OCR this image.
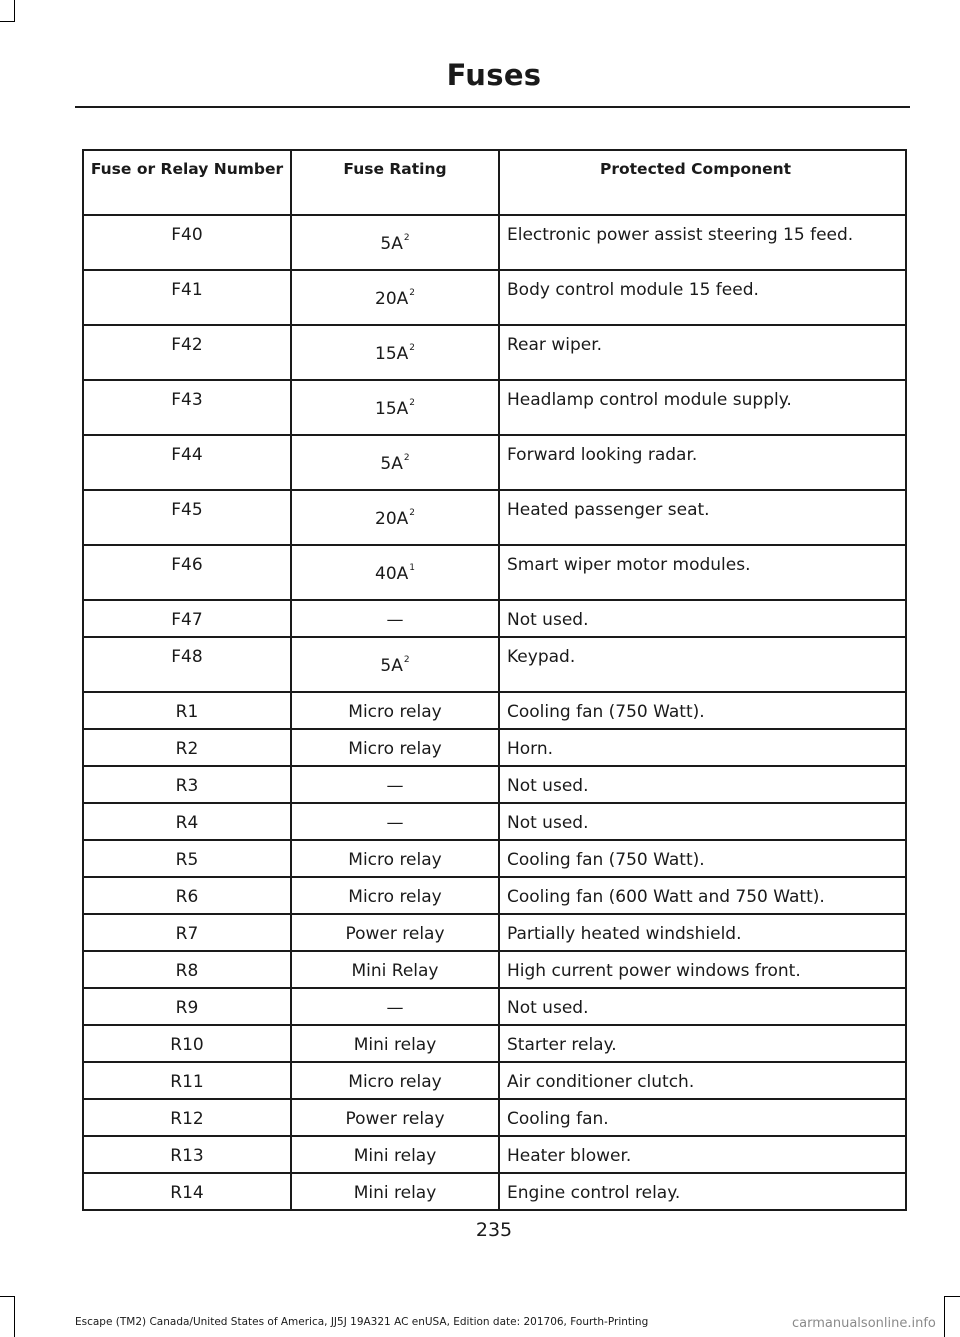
Fuses
Fuse or Relay Number	Fuse Rating	Protected Component
F40	$5A^2$	Electronic power assist steering 15 feed.
F41	$20A^2$	Body control module 15 feed.
F42	$15A^2$	Rear wiper.
F43	$15A^2$	Headlamp control module supply.
F44	$5A^2$	Forward looking radar.
F45	$20A^2$	Heated passenger seat.
F46	$40A^1$	Smart wiper motor modules.
F47	—	Not used.
F48	$5A^2$	Keypad.
R1	Micro relay	Cooling fan (750 Watt).
R2	Micro relay	Horn.
R3	—	Not used.
R4	—	Not used.
R5	Micro relay	Cooling fan (750 Watt).
R6	Micro relay	Cooling fan (600 Watt and 750 Watt).
R7	Power relay	Partially heated windshield.
R8	Mini Relay	High current power windows front.
R9	—	Not used.
R10	Mini relay	Starter relay.
R11	Micro relay	Air conditioner clutch.
R12	Power relay	Cooling fan.
R13	Mini relay	Heater blower.
R14	Mini relay	Engine control relay.
235
Escape (TM2) Canada/United States of America, JJ5J 19A321 AC enUSA, Edition date: 201706, Fourth-Printing	carmanualsonline.info
